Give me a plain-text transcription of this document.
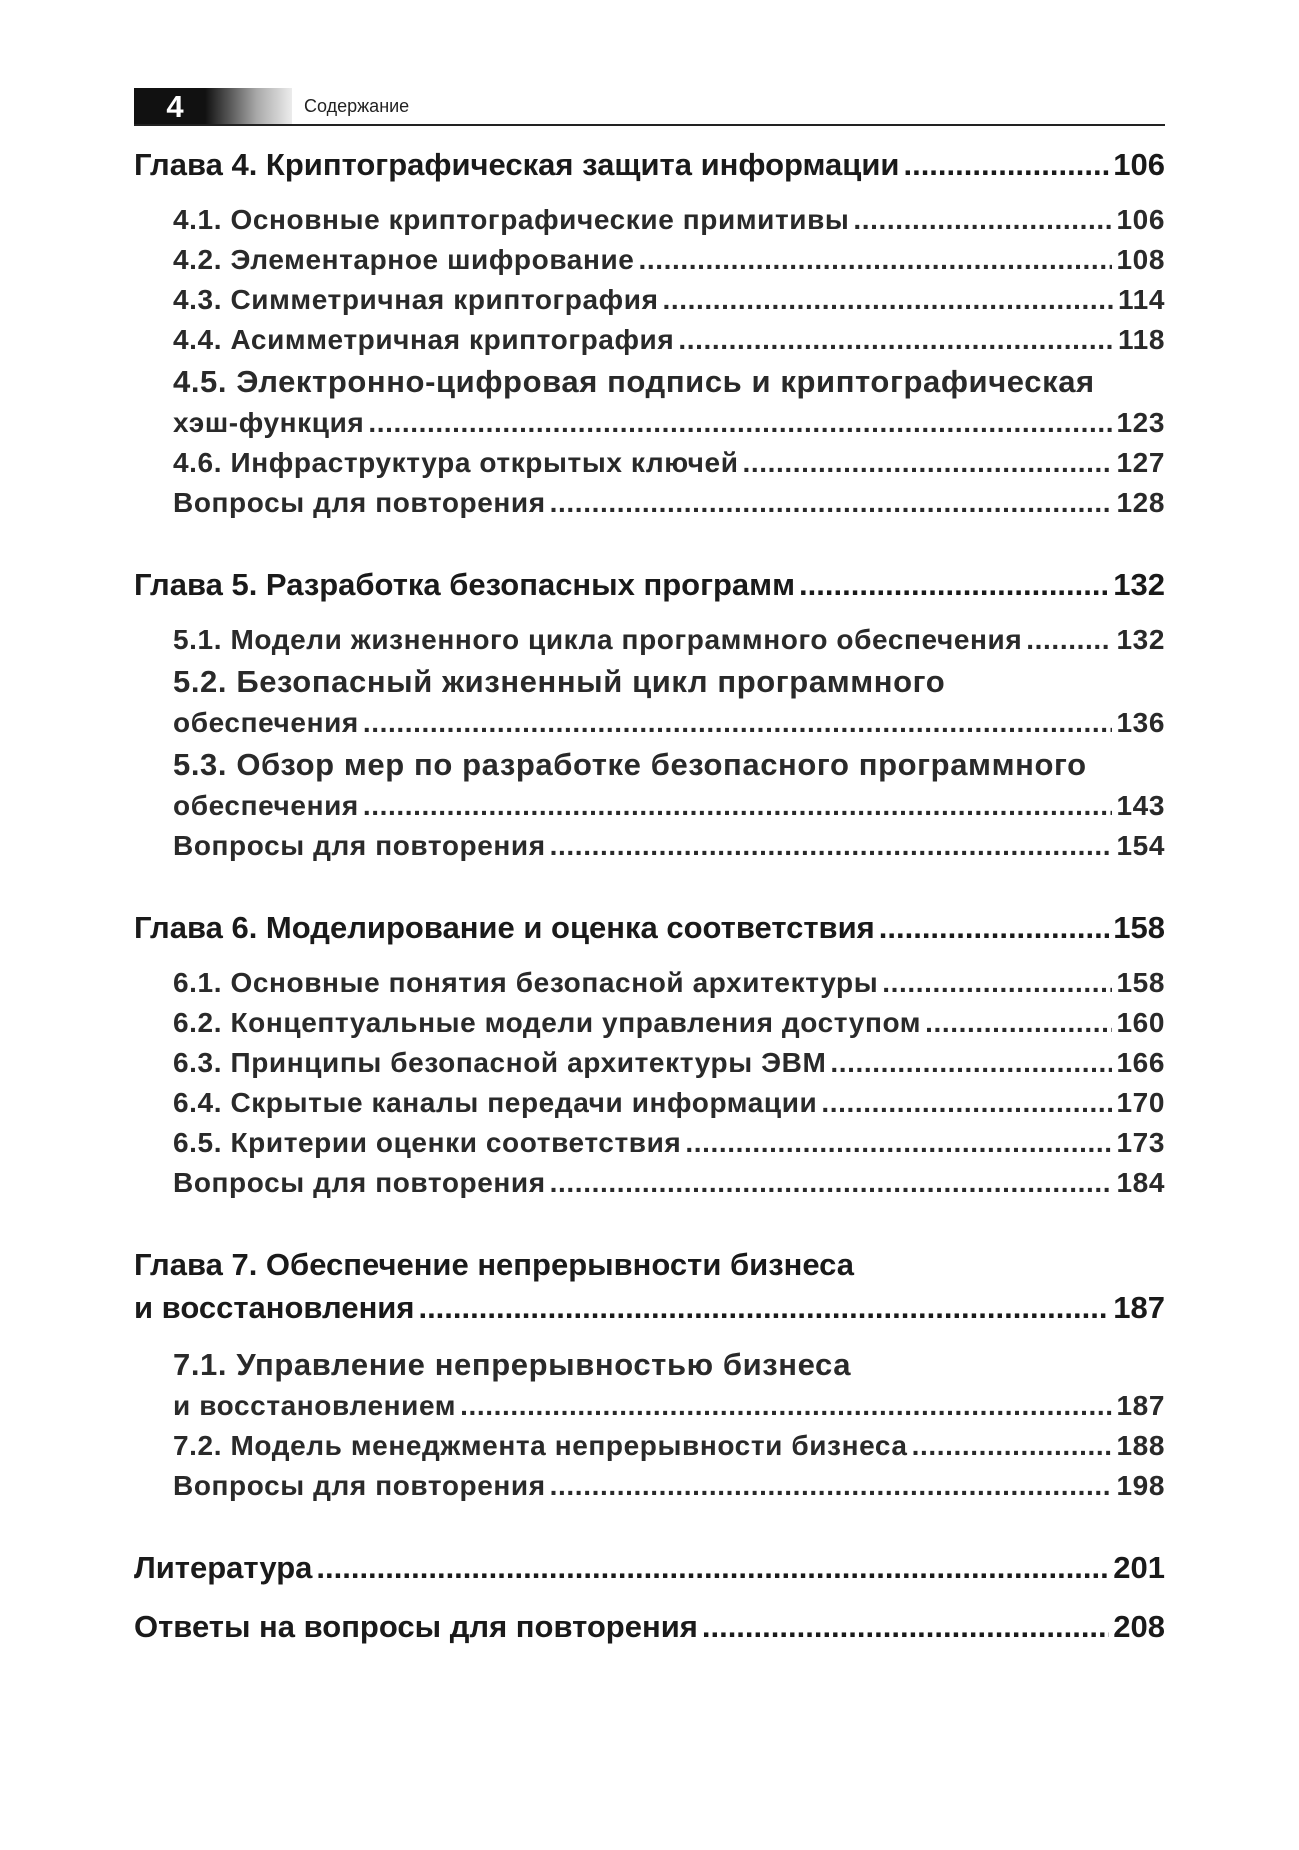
4	Содержание
Глава 4. Криптографическая защита информации .....	106
4.1. Основные криптографические примитивы .....	106
4.2. Элементарное шифрование .....	108
4.3. Симметричная криптография .....	114
4.4. Асимметричная криптография .....	118
4.5. Электронно-цифровая подпись и криптографическая
хэш-функция .....	123
4.6. Инфраструктура открытых ключей .....	127
Вопросы для повторения .....	128
Глава 5. Разработка безопасных программ .....	132
5.1. Модели жизненного цикла программного обеспечения .....	132
5.2. Безопасный жизненный цикл программного
обеспечения .....	136
5.3. Обзор мер по разработке безопасного программного
обеспечения .....	143
Вопросы для повторения .....	154
Глава 6. Моделирование и оценка соответствия .....	158
6.1. Основные понятия безопасной архитектуры .....	158
6.2. Концептуальные модели управления доступом .....	160
6.3. Принципы безопасной архитектуры ЭВМ .....	166
6.4. Скрытые каналы передачи информации .....	170
6.5. Критерии оценки соответствия .....	173
Вопросы для повторения .....	184
Глава 7. Обеспечение непрерывности бизнеса
и восстановления .....	187
7.1. Управление непрерывностью бизнеса
и восстановлением .....	187
7.2. Модель менеджмента непрерывности бизнеса .....	188
Вопросы для повторения .....	198
Литература .....	201
Ответы на вопросы для повторения .....	208
